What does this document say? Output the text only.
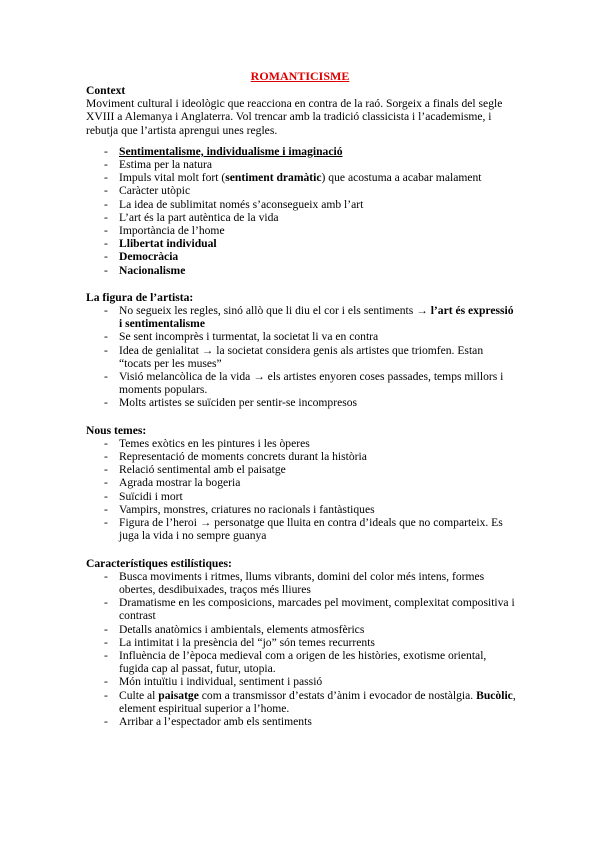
ROMANTICISME
Context

Moviment cultural i ideològic que reacciona en contra de la raó. Sorgeix a finals del segle XVIII a Alemanya i Anglaterra. Vol trencar amb la tradició classicista i l’academisme, i rebutja que l’artista aprengui unes regles.

- Sentimentalisme, individualisme i imaginació
- Estima per la natura
- Impuls vital molt fort (sentiment dramàtic) que acostuma a acabar malament
- Caràcter utòpic
- La idea de sublimitat només s’aconsegueix amb l’art
- L’art és la part autèntica de la vida
- Importància de l’home
- Llibertat individual
- Democràcia
- Nacionalisme
La figura de l’artista:
- No segueix les regles, sinó allò que li diu el cor i els sentiments → l’art és expressió i sentimentalisme
- Se sent incomprès i turmentat, la societat li va en contra
- Idea de genialitat → la societat considera genis als artistes que triomfen. Estan “tocats per les muses”
- Visió melancòlica de la vida → els artistes enyoren coses passades, temps millors i moments populars.
- Molts artistes se suïciden per sentir-se incompresos
Nous temes:
- Temes exòtics en les pintures i les òperes
- Representació de moments concrets durant la història
- Relació sentimental amb el paisatge
- Agrada mostrar la bogeria
- Suïcidi i mort
- Vampirs, monstres, criatures no racionals i fantàstiques
- Figura de l’heroi → personatge que lluita en contra d’ideals que no comparteix. Es juga la vida i no sempre guanya
Característiques estilístiques:
- Busca moviments i ritmes, llums vibrants, domini del color més intens, formes obertes, desdibuixades, traços més lliures
- Dramatisme en les composicions, marcades pel moviment, complexitat compositiva i contrast
- Detalls anatòmics i ambientals, elements atmosfèrics
- La intimitat i la presència del “jo” són temes recurrents
- Influència de l’època medieval com a origen de les històries, exotisme oriental, fugida cap al passat, futur, utopia.
- Món intuïtiu i individual, sentiment i passió
- Culte al paisatge com a transmissor d’estats d’ànim i evocador de nostàlgia. Bucòlic, element espiritual superior a l’home.
- Arribar a l’espectador amb els sentiments
